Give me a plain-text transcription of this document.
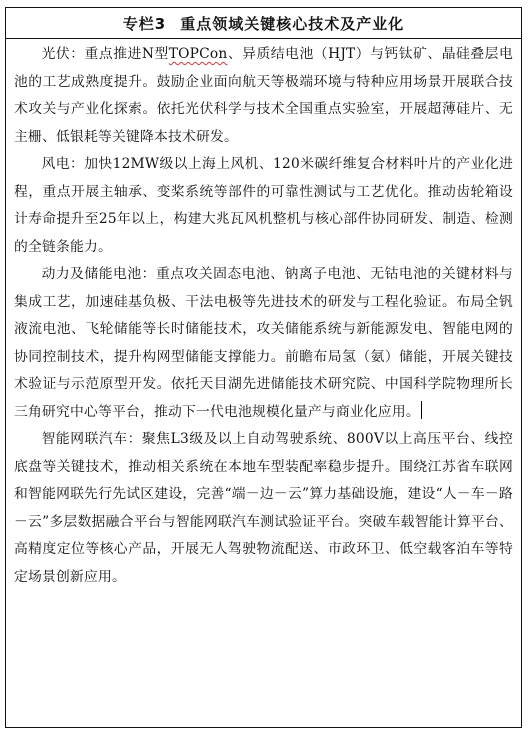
专栏3 重点领域关键核心技术及产业化

光伏：重点推进N型TOPCon、异质结电池（HJT）与钙钛矿、晶硅叠层电池的工艺成熟度提升。鼓励企业面向航天等极端环境与特种应用场景开展联合技术攻关与产业化探索。依托光伏科学与技术全国重点实验室，开展超薄硅片、无主栅、低银耗等关键降本技术研发。

风电：加快12MW级以上海上风机、120米碳纤维复合材料叶片的产业化进程，重点开展主轴承、变桨系统等部件的可靠性测试与工艺优化。推动齿轮箱设计寿命提升至25年以上，构建大兆瓦风机整机与核心部件协同研发、制造、检测的全链条能力。

动力及储能电池：重点攻关固态电池、钠离子电池、无钴电池的关键材料与集成工艺，加速硅基负极、干法电极等先进技术的研发与工程化验证。布局全钒液流电池、飞轮储能等长时储能技术，攻关储能系统与新能源发电、智能电网的协同控制技术，提升构网型储能支撑能力。前瞻布局氢（氨）储能，开展关键技术验证与示范原型开发。依托天目湖先进储能技术研究院、中国科学院物理所长三角研究中心等平台，推动下一代电池规模化量产与商业化应用。

智能网联汽车：聚焦L3级及以上自动驾驶系统、800V以上高压平台、线控底盘等关键技术，推动相关系统在本地车型装配率稳步提升。围绕江苏省车联网和智能网联先行先试区建设，完善“端－边－云”算力基础设施，建设“人－车－路－云”多层数据融合平台与智能网联汽车测试验证平台。突破车载智能计算平台、高精度定位等核心产品，开展无人驾驶物流配送、市政环卫、低空载客泊车等特定场景创新应用。
